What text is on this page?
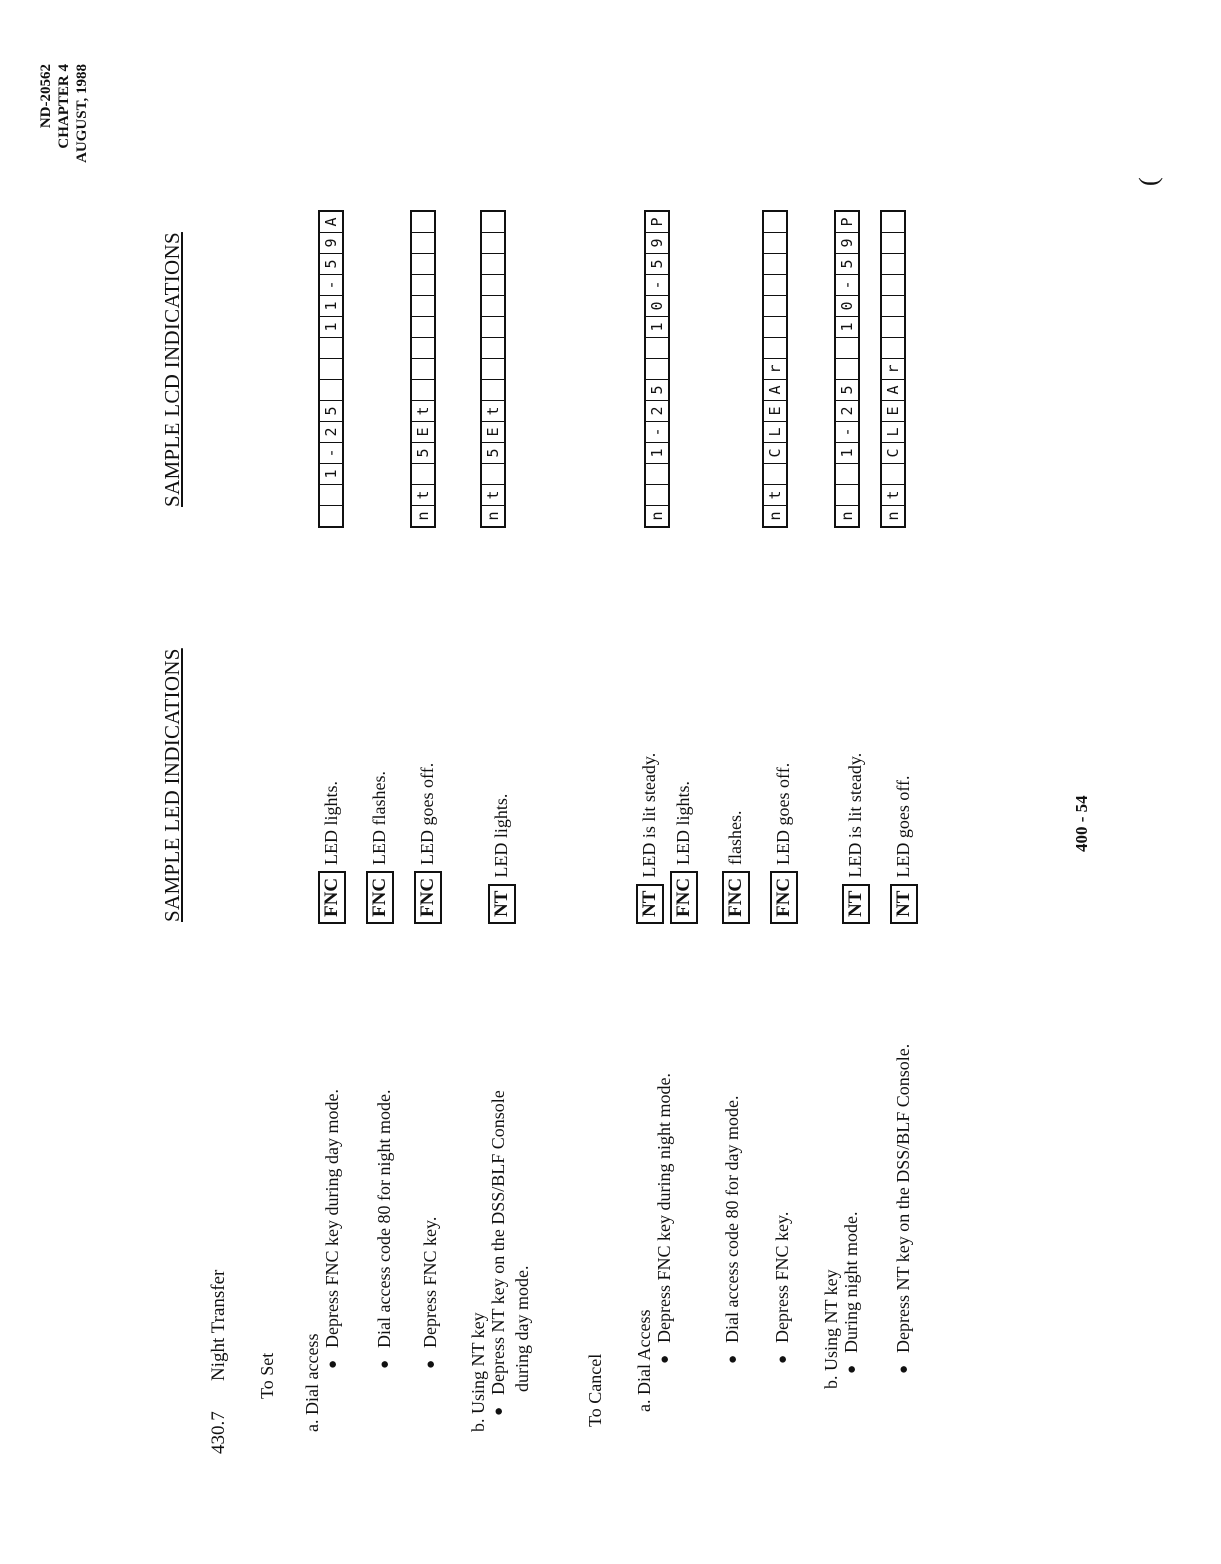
ND-20562 CHAPTER 4 AUGUST, 1988
SAMPLE LED INDICATIONS
SAMPLE LCD INDICATIONS
430.7
Night Transfer To Set a. Dial access
● Depress FNC key during day mode. ● Dial access code 80 for night mode. ● Depress FNC key.
b. Using NT key ● Depress NT key on the DSS/BLF Console during day mode.	To Cancel a. Dial Access
● Depress FNC key during night mode.	● Dial access code 80 for day mode. ● Depress FNC key. b. Using NT key ● During night mode. ● Depress NT key on the DSS/BLF Console.
FNCLED lights.
FNCLED flashes.
FNCLED goes off.
NTLED lights.
NTLED is lit steady.
FNCLED lights.
FNCflashes.
FNCLED goes off.
NTLED is lit steady.
NTLED goes off.
1
-
2
5
1
1
-
5
9
A
n
t
5
E
t
n
t
5
E
t
n
1
-
2
5
1
0
-
5
9
P
n
t
C
L
E
A
r
n
1
-
2
5
1
0
-
5
9
P
n
t
C
L
E
A
r
400 - 54
(
